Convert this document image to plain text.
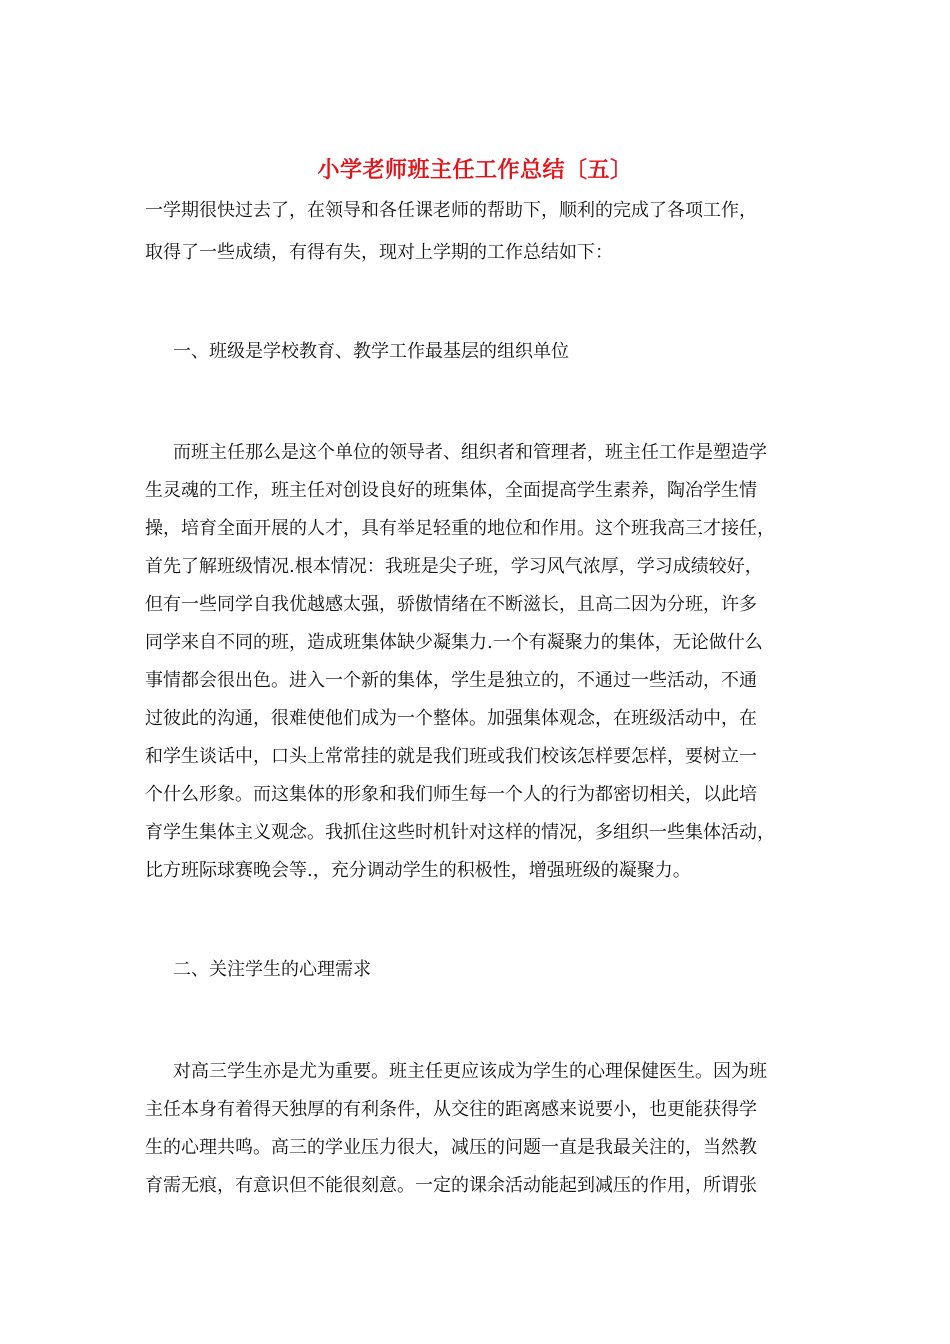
小学老师班主任工作总结〔五〕
一学期很快过去了，在领导和各任课老师的帮助下，顺利的完成了各项工作，
取得了一些成绩，有得有失，现对上学期的工作总结如下：
一、班级是学校教育、教学工作最基层的组织单位
而班主任那么是这个单位的领导者、组织者和管理者，班主任工作是塑造学
生灵魂的工作，班主任对创设良好的班集体，全面提高学生素养，陶冶学生情
操，培育全面开展的人才，具有举足轻重的地位和作用。这个班我高三才接任，
首先了解班级情况.根本情况：我班是尖子班，学习风气浓厚，学习成绩较好，
但有一些同学自我优越感太强，骄傲情绪在不断滋长，且高二因为分班，许多
同学来自不同的班，造成班集体缺少凝集力.一个有凝聚力的集体，无论做什么
事情都会很出色。进入一个新的集体，学生是独立的，不通过一些活动，不通
过彼此的沟通，很难使他们成为一个整体。加强集体观念，在班级活动中，在
和学生谈话中，口头上常常挂的就是我们班或我们校该怎样要怎样，要树立一
个什么形象。而这集体的形象和我们师生每一个人的行为都密切相关，以此培
育学生集体主义观念。我抓住这些时机针对这样的情况，多组织一些集体活动，
比方班际球赛晚会等.，充分调动学生的积极性，增强班级的凝聚力。
二、关注学生的心理需求
对高三学生亦是尤为重要。班主任更应该成为学生的心理保健医生。因为班
主任本身有着得天独厚的有利条件，从交往的距离感来说要小，也更能获得学
生的心理共鸣。高三的学业压力很大，减压的问题一直是我最关注的，当然教
育需无痕，有意识但不能很刻意。一定的课余活动能起到减压的作用，所谓张
